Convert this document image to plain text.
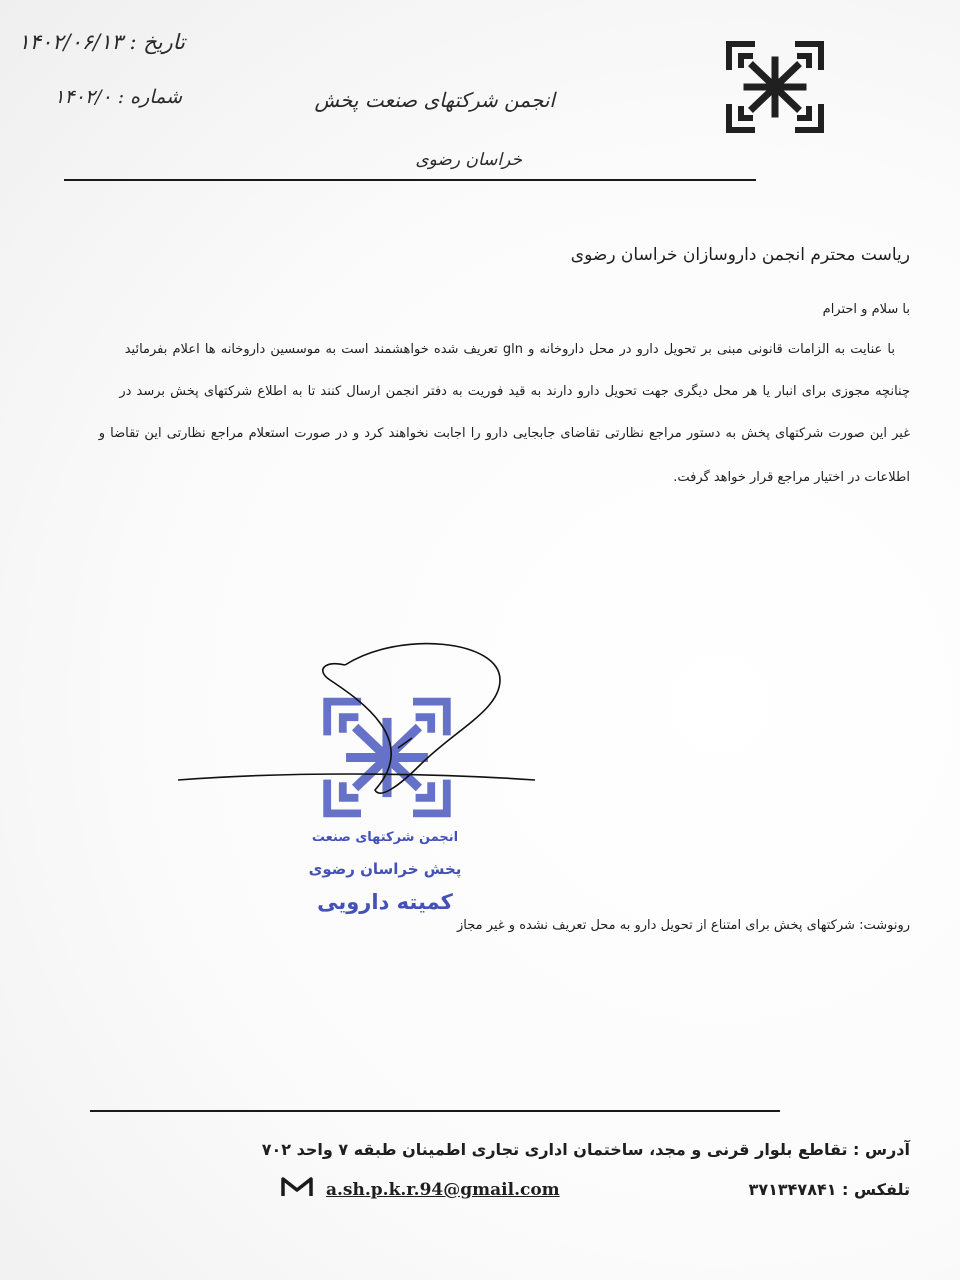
تاریخ : ۱۴۰۲/۰۶/۱۳
شماره : ۱۴۰۲/۰	انجمن شرکتهای صنعت پخش
خراسان رضوی
ریاست محترم انجمن داروسازان خراسان رضوی
با سلام و احترام
با عنایت به الزامات قانونی مبنی بر تحویل دارو در محل داروخانه و gln تعریف شده خواهشمند است به موسسین داروخانه ها اعلام بفرمائید
چنانچه مجوزی برای انبار یا هر محل دیگری جهت تحویل دارو دارند به قید فوریت به دفتر انجمن ارسال کنند تا به اطلاع شرکتهای پخش برسد در
غیر این صورت شرکتهای پخش به دستور مراجع نظارتی تقاضای جابجایی دارو را اجابت نخواهند کرد و در صورت استعلام مراجع نظارتی این تقاضا و
اطلاعات در اختیار مراجع قرار خواهد گرفت.
انجمن شرکتهای صنعت
پخش خراسان رضوی
کمیته دارویی
رونوشت: شرکتهای پخش برای امتناع از تحویل دارو به محل تعریف نشده و غیر مجاز
آدرس : تقاطع بلوار قرنی و مجد، ساختمان اداری تجاری اطمینان طبقه ۷ واحد ۷۰۲
تلفکس : ۳۷۱۳۴۷۸۴۱
a.sh.p.k.r.94@gmail.com
